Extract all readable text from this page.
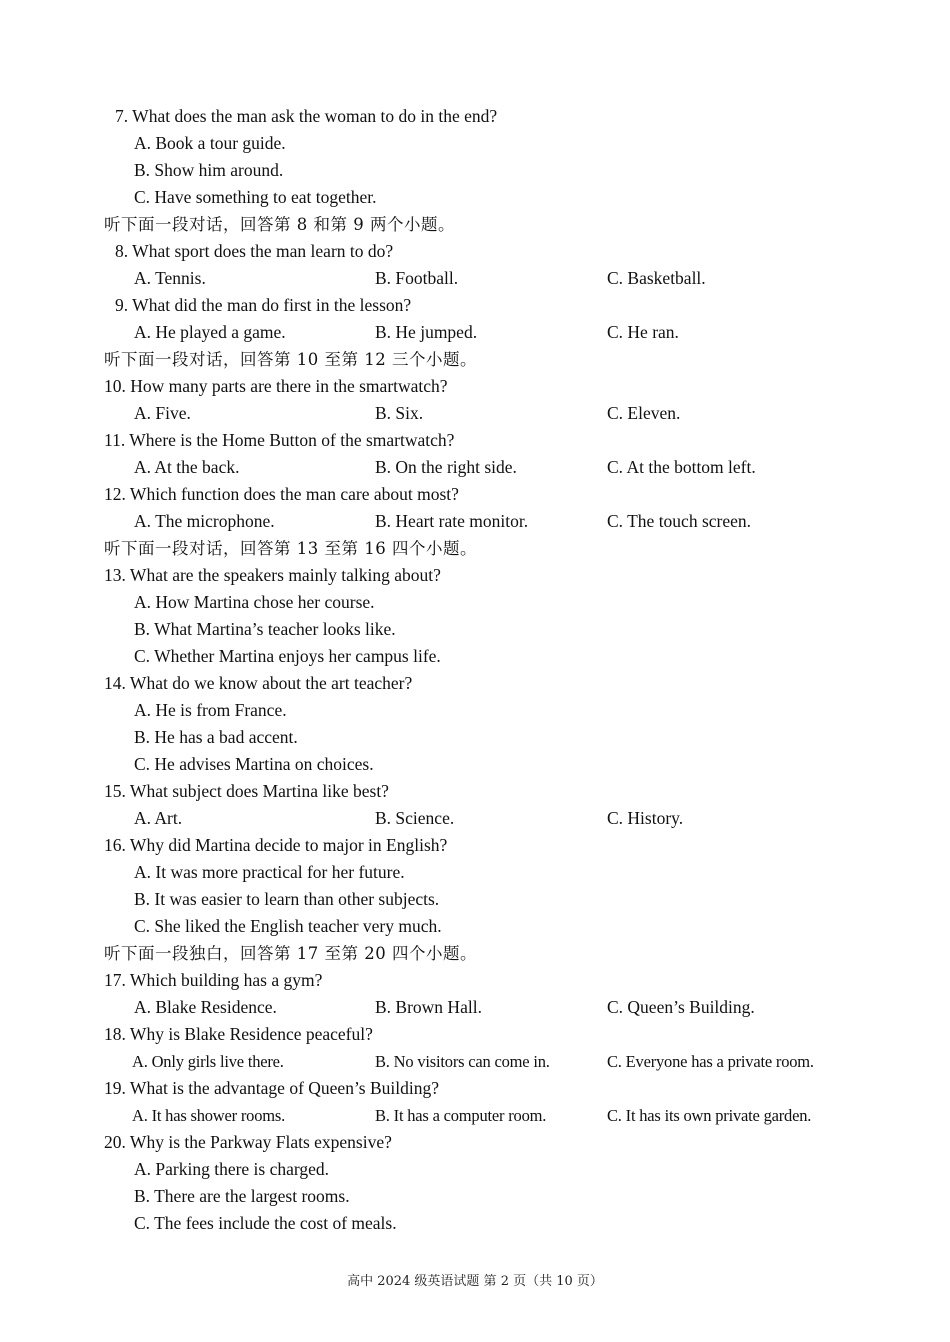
7. What does the man ask the woman to do in the end?
A. Book a tour guide.
B. Show him around.
C. Have something to eat together.
听下面一段对话，回答第 8 和第 9 两个小题。
8. What sport does the man learn to do?
A. Tennis.	B. Football.	C. Basketball.
9. What did the man do first in the lesson?
A. He played a game.	B. He jumped.	C. He ran.
听下面一段对话，回答第 10 至第 12 三个小题。
10. How many parts are there in the smartwatch?
A. Five.	B. Six.	C. Eleven.
11. Where is the Home Button of the smartwatch?
A. At the back.	B. On the right side.	C. At the bottom left.
12. Which function does the man care about most?
A. The microphone.	B. Heart rate monitor.	C. The touch screen.
听下面一段对话，回答第 13 至第 16 四个小题。
13. What are the speakers mainly talking about?
A. How Martina chose her course.
B. What Martina’s teacher looks like.
C. Whether Martina enjoys her campus life.
14. What do we know about the art teacher?
A. He is from France.
B. He has a bad accent.
C. He advises Martina on choices.
15. What subject does Martina like best?
A. Art.	B. Science.	C. History.
16. Why did Martina decide to major in English?
A. It was more practical for her future.
B. It was easier to learn than other subjects.
C. She liked the English teacher very much.
听下面一段独白，回答第 17 至第 20 四个小题。
17. Which building has a gym?
A. Blake Residence.	B. Brown Hall.	C. Queen’s Building.
18. Why is Blake Residence peaceful?
A. Only girls live there.	B. No visitors can come in.	C. Everyone has a private room.
19. What is the advantage of Queen’s Building?
A. It has shower rooms.	B. It has a computer room.	C. It has its own private garden.
20. Why is the Parkway Flats expensive?
A. Parking there is charged.
B. There are the largest rooms.
C. The fees include the cost of meals.
高中 2024 级英语试题 第 2 页（共 10 页）
